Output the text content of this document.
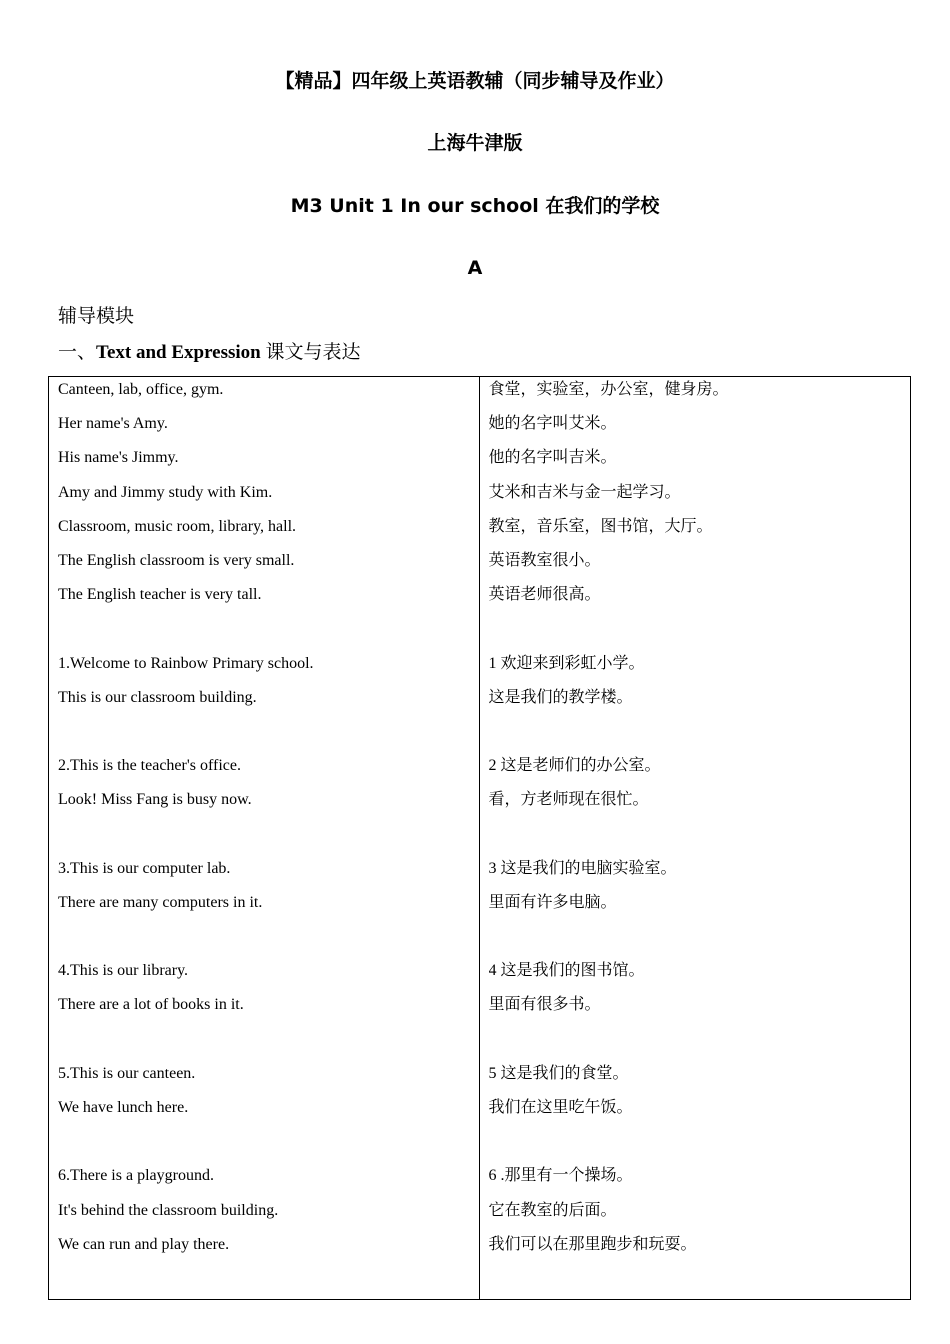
【精品】四年级上英语教辅（同步辅导及作业）
上海牛津版
M3 Unit 1 In our school 在我们的学校
A

辅导模块

一、Text and Expression 课文与表达

Canteen, lab, office, gym.
Her name's Amy.
His name's Jimmy.
Amy and Jimmy study with Kim.
Classroom, music room, library, hall.
The English classroom is very small.
The English teacher is very tall.
1.Welcome to Rainbow Primary school.
This is our classroom building.
2.This is the teacher's office.
Look! Miss Fang is busy now.
3.This is our computer lab.
There are many computers in it.
4.This is our library.
There are a lot of books in it.
5.This is our canteen.
We have lunch here.
6.There is a playground.
It's behind the classroom building.
We can run and play there.
食堂，实验室，办公室，健身房。
她的名字叫艾米。
他的名字叫吉米。
艾米和吉米与金一起学习。
教室，音乐室，图书馆，大厅。
英语教室很小。
英语老师很高。
1 欢迎来到彩虹小学。
这是我们的教学楼。
2 这是老师们的办公室。
看，方老师现在很忙。
3 这是我们的电脑实验室。
里面有许多电脑。
4 这是我们的图书馆。
里面有很多书。
5 这是我们的食堂。
我们在这里吃午饭。
6 .那里有一个操场。
它在教室的后面。
我们可以在那里跑步和玩耍。
